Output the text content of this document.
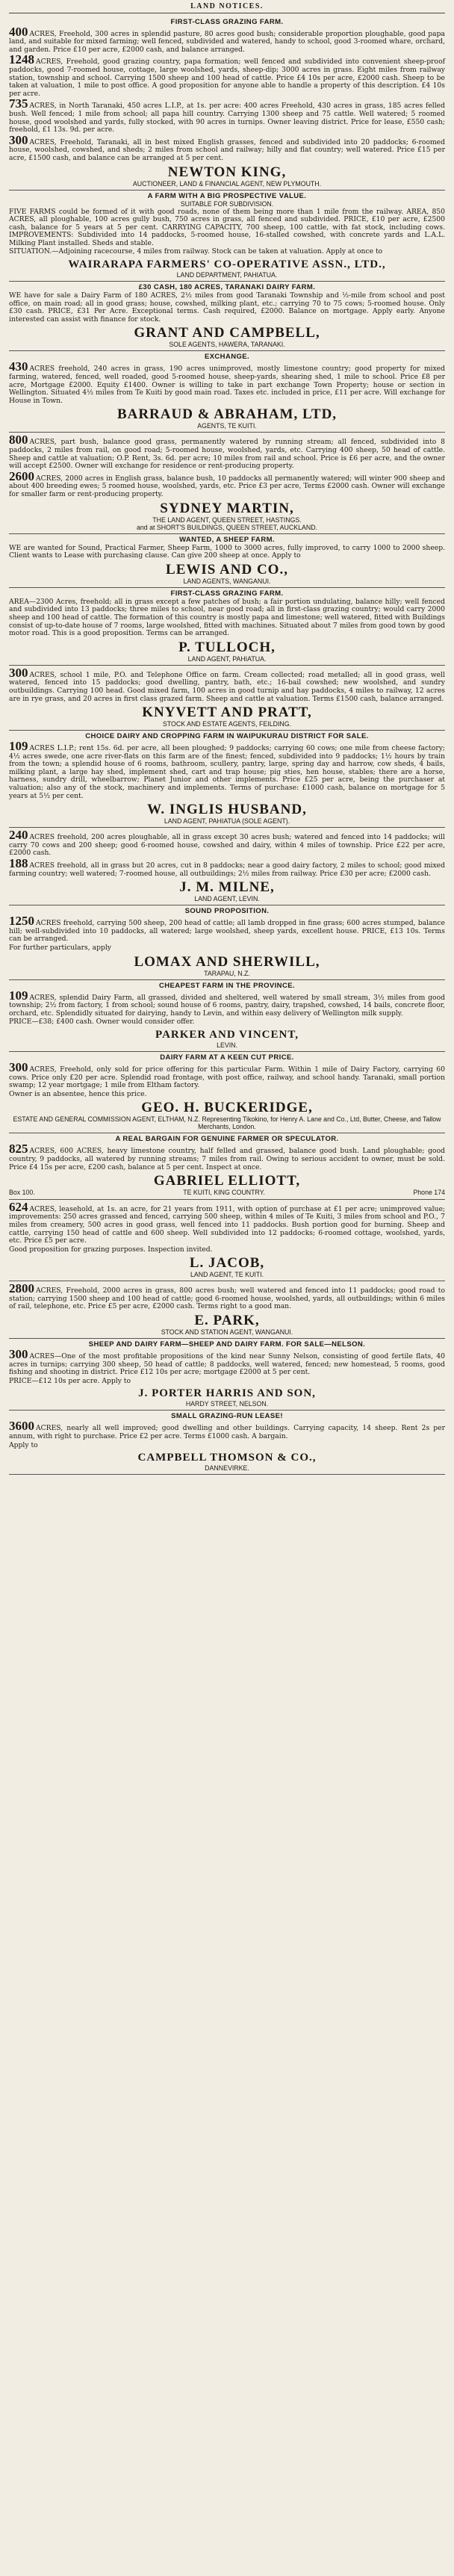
LAND NOTICES.
FIRST-CLASS GRAZING FARM.
400 ACRES, Freehold, 300 acres in splendid pasture, 80 acres good bush; considerable proportion ploughable, good papa land, and suitable for mixed farming; well fenced, subdivided and watered, handy to school, good 3-roomed whare, orchard, and garden. Price £10 per acre, £2000 cash, and balance arranged.
1248 ACRES, Freehold, good grazing country, papa formation; well fenced and subdivided into convenient sheep-proof paddocks, good 7-roomed house, cottage, large woolshed, yards, sheep-dip; 3000 acres in grass. Eight miles from railway station, township and school. Carrying 1500 sheep and 100 head of cattle. Price £4 10s per acre, £2000 cash. Sheep to be taken at valuation, 1 mile to post office. A good proposition for anyone able to handle a property of this description. £4 10s per acre.
735 ACRES, in North Taranaki, 450 acres L.I.P., at 1s. per acre: 400 acres Freehold, 430 acres in grass, 185 acres felled bush. Well fenced; 1 mile from school; all papa hill country. Carrying 1300 sheep and 75 cattle. Well watered; 5 roomed house, good woolshed and yards, fully stocked, with 90 acres in turnips. Owner leaving district. Price for lease, £550 cash; freehold, £1 13s. 9d. per acre.
300 ACRES, Freehold, Taranaki, all in best mixed English grasses, fenced and subdivided into 20 paddocks; 6-roomed house, woolshed, cowshed, and sheds; 2 miles from school and railway; hilly and flat country; well watered. Price £15 per acre, £1500 cash, and balance can be arranged at 5 per cent.
NEWTON KING,
AUCTIONEER, LAND & FINANCIAL AGENT, NEW PLYMOUTH.
A FARM WITH A BIG PROSPECTIVE VALUE.
SUITABLE FOR SUBDIVISION.
FIVE FARMS could be formed of it with good roads, none of them being more than 1 mile from the railway. AREA, 850 ACRES, all ploughable, 100 acres gully bush, 750 acres in grass, all fenced and subdivided. PRICE, £10 per acre, £2500 cash, balance for 5 years at 5 per cent. CARRYING CAPACITY, 700 sheep, 100 cattle, with fat stock, including cows. IMPROVEMENTS: Subdivided into 14 paddocks, 5-roomed house, 16-stalled cowshed, with concrete yards and L.A.L. Milking Plant installed. Sheds and stable.
SITUATION.—Adjoining racecourse, 4 miles from railway. Stock can be taken at valuation. Apply at once to
WAIRARAPA FARMERS' CO-OPERATIVE ASSN., LTD.,
LAND DEPARTMENT, PAHIATUA.
£30 CASH, 180 ACRES, TARANAKI DAIRY FARM.
WE have for sale a Dairy Farm of 180 ACRES, 2½ miles from good Taranaki Township and ½-mile from school and post office, on main road; all in good grass; house, cowshed, milking plant, etc.; carrying 70 to 75 cows; 5-roomed house. Only £30 cash. PRICE, £31 Per Acre. Exceptional terms. Cash required, £2000. Balance on mortgage. Apply early. Anyone interested can assist with finance for stock.
GRANT AND CAMPBELL,
SOLE AGENTS, HAWERA, TARANAKI.
EXCHANGE.
430 ACRES freehold, 240 acres in grass, 190 acres unimproved, mostly limestone country; good property for mixed farming, watered, fenced, well roaded, good 5-roomed house, sheep-yards, shearing shed, 1 mile to school. Price £8 per acre, Mortgage £2000. Equity £1400. Owner is willing to take in part exchange Town Property; house or section in Wellington. Situated 4½ miles from Te Kuiti by good main road. Taxes etc. included in price, £11 per acre. Will exchange for House in Town.
BARRAUD & ABRAHAM, LTD,
AGENTS, TE KUITI.
800 ACRES, part bush, balance good grass, permanently watered by running stream; all fenced, subdivided into 8 paddocks, 2 miles from rail, on good road; 5-roomed house, woolshed, yards, etc. Carrying 400 sheep, 50 head of cattle. Sheep and cattle at valuation; O.P. Rent, 3s. 6d. per acre; 10 miles from rail and school. Price is £6 per acre, and the owner will accept £2500. Owner will exchange for residence or rent-producing property.
2600 ACRES, 2000 acres in English grass, balance bush, 10 paddocks all permanently watered; will winter 900 sheep and about 400 breeding ewes; 5 roomed house, woolshed, yards, etc. Price £3 per acre, Terms £2000 cash. Owner will exchange for smaller farm or rent-producing property.
SYDNEY MARTIN,
THE LAND AGENT, QUEEN STREET, HASTINGS.
and at SHORT'S BUILDINGS, QUEEN STREET, AUCKLAND.
WANTED, A SHEEP FARM.
WE are wanted for Sound, Practical Farmer, Sheep Farm, 1000 to 3000 acres, fully improved, to carry 1000 to 2000 sheep. Client wants to Lease with purchasing clause. Can give 200 sheep at once. Apply to
LEWIS AND CO.,
LAND AGENTS, WANGANUI.
FIRST-CLASS GRAZING FARM.
AREA—2300 Acres, freehold; all in grass except a few patches of bush; a fair portion undulating, balance hilly; well fenced and subdivided into 13 paddocks; three miles to school, near good road; all in first-class grazing country; would carry 2000 sheep and 100 head of cattle. The formation of this country is mostly papa and limestone; well watered, fitted with Buildings consist of up-to-date house of 7 rooms, large woolshed, fitted with machines. Situated about 7 miles from good town by good motor road. This is a good proposition. Terms can be arranged.
P. TULLOCH,
LAND AGENT, PAHIATUA.
300 ACRES, school 1 mile, P.O. and Telephone Office on farm. Cream collected; road metalled; all in good grass, well watered, fenced into 15 paddocks; good dwelling, pantry, bath, etc.; 16-bail cowshed; new woolshed, and sundry outbuildings. Carrying 100 head. Good mixed farm, 100 acres in good turnip and hay paddocks, 4 miles to railway, 12 acres are in rye grass, and 20 acres in first class grazed farm. Sheep and cattle at valuation. Terms £1500 cash, balance arranged.
KNYVETT AND PRATT,
STOCK AND ESTATE AGENTS, FEILDING.
CHOICE DAIRY AND CROPPING FARM IN WAIPUKURAU DISTRICT FOR SALE.
109 ACRES L.I.P.; rent 15s. 6d. per acre, all been ploughed; 9 paddocks; carrying 60 cows; one mile from cheese factory; 4½ acres swede, one acre river-flats on this farm are of the finest; fenced, subdivided into 9 paddocks; 1½ hours by train from the town; a splendid house of 6 rooms, bathroom, scullery, pantry, large, spring day and harrow, cow sheds, 4 bails, milking plant, a large hay shed, implement shed, cart and trap house; pig sties, hen house, stables; there are a horse, harness, sundry drill, wheelbarrow; Planet Junior and other implements. Price £25 per acre, being the purchaser at valuation; also any of the stock, machinery and implements. Terms of purchase: £1000 cash, balance on mortgage for 5 years at 5½ per cent.
W. INGLIS HUSBAND,
LAND AGENT, PAHIATUA (SOLE AGENT).
240 ACRES freehold, 200 acres ploughable, all in grass except 30 acres bush; watered and fenced into 14 paddocks; will carry 70 cows and 200 sheep; good 6-roomed house, cowshed and dairy, within 4 miles of township. Price £22 per acre, £2000 cash.
188 ACRES freehold, all in grass but 20 acres, cut in 8 paddocks; near a good dairy factory, 2 miles to school; good mixed farming country; well watered; 7-roomed house, all outbuildings; 2½ miles from railway. Price £30 per acre; £2000 cash.
J. M. MILNE,
LAND AGENT, LEVIN.
SOUND PROPOSITION.
1250 ACRES freehold, carrying 500 sheep, 200 head of cattle; all lamb dropped in fine grass; 600 acres stumped, balance hill; well-subdivided into 10 paddocks, all watered; large woolshed, sheep yards, excellent house. PRICE, £13 10s. Terms can be arranged.
For further particulars, apply
LOMAX AND SHERWILL,
TARAPAU, N.Z.
CHEAPEST FARM IN THE PROVINCE.
109 ACRES, splendid Dairy Farm, all grassed, divided and sheltered, well watered by small stream, 3½ miles from good township; 2½ from factory, 1 from school; sound house of 6 rooms, pantry, dairy, trapshed, cowshed, 14 bails, concrete floor, orchard, etc. Splendidly situated for dairying, handy to Levin, and within easy delivery of Wellington milk supply.
PRICE—£38; £400 cash. Owner would consider offer.
PARKER AND VINCENT,
LEVIN.
DAIRY FARM AT A KEEN CUT PRICE.
300 ACRES, Freehold, only sold for price offering for this particular Farm. Within 1 mile of Dairy Factory, carrying 60 cows. Price only £20 per acre. Splendid road frontage, with post office, railway, and school handy. Taranaki, small portion swamp; 12 year mortgage; 1 mile from Eltham factory.
Owner is an absentee, hence this price.
GEO. H. BUCKERIDGE,
ESTATE AND GENERAL COMMISSION AGENT, ELTHAM, N.Z. Representing Tikokino, for Henry A. Lane and Co., Ltd, Butter, Cheese, and Tallow Merchants, London.
A REAL BARGAIN FOR GENUINE FARMER OR SPECULATOR.
825 ACRES, 600 ACRES, heavy limestone country, half felled and grassed, balance good bush. Land ploughable; good country, 9 paddocks, all watered by running streams; 7 miles from rail. Owing to serious accident to owner, must be sold. Price £4 15s per acre, £200 cash, balance at 5 per cent. Inspect at once.
GABRIEL ELLIOTT,
Box 100.	TE KUITI, KING COUNTRY.	Phone 174
624 ACRES, leasehold, at 1s. an acre, for 21 years from 1911, with option of purchase at £1 per acre; unimproved value; improvements: 250 acres grassed and fenced, carrying 500 sheep, within 4 miles of Te Kuiti, 3 miles from school and P.O., 7 miles from creamery, 500 acres in good grass, well fenced into 11 paddocks. Bush portion good for burning. Sheep and cattle, carrying 150 head of cattle and 600 sheep. Well subdivided into 12 paddocks; 6-roomed cottage, woolshed, yards, etc. Price £5 per acre.
Good proposition for grazing purposes. Inspection invited.
L. JACOB,
LAND AGENT, TE KUITI.
2800 ACRES, Freehold, 2000 acres in grass, 800 acres bush; well watered and fenced into 11 paddocks; good road to station; carrying 1500 sheep and 100 head of cattle; good 6-roomed house, woolshed, yards, all outbuildings; within 6 miles of rail, telephone, etc. Price £5 per acre, £2000 cash. Terms right to a good man.
E. PARK,
STOCK AND STATION AGENT, WANGANUI.
SHEEP AND DAIRY FARM—SHEEP AND DAIRY FARM. FOR SALE—NELSON.
300 ACRES—One of the most profitable propositions of the kind near Sunny Nelson, consisting of good fertile flats, 40 acres in turnips; carrying 300 sheep, 50 head of cattle; 8 paddocks, well watered, fenced; new homestead, 5 rooms, good fishing and shooting in district. Price £12 10s per acre; mortgage £2000 at 5 per cent.
PRICE—£12 10s per acre. Apply to
J. PORTER HARRIS AND SON,
HARDY STREET, NELSON.
SMALL GRAZING-RUN LEASE!
3600 ACRES, nearly all well improved; good dwelling and other buildings. Carrying capacity, 14 sheep. Rent 2s per annum, with right to purchase. Price £2 per acre. Terms £1000 cash. A bargain.
Apply to
CAMPBELL THOMSON & CO.,
DANNEVIRKE.
